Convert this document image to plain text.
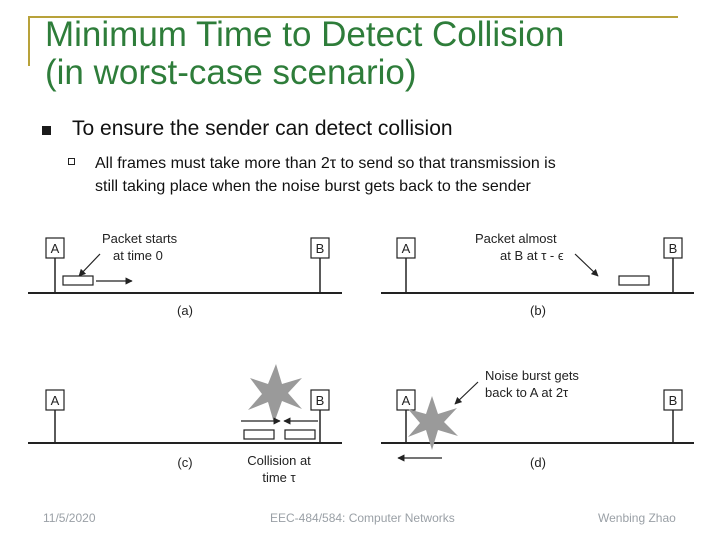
Minimum Time to Detect Collision
(in worst-case scenario)
To ensure the sender can detect collision
All frames must take more than 2τ to send so that transmission is
still taking place when the noise burst gets back to the sender
A	B
Packet starts
at time 0
(a)
A	B
Packet almost
at B at τ - ϵ
(b)
A	B
(c)	Collision at
time τ
A	B
Noise burst gets
back to A at 2τ
(d)
11/5/2020	EEC-484/584: Computer Networks	Wenbing Zhao
